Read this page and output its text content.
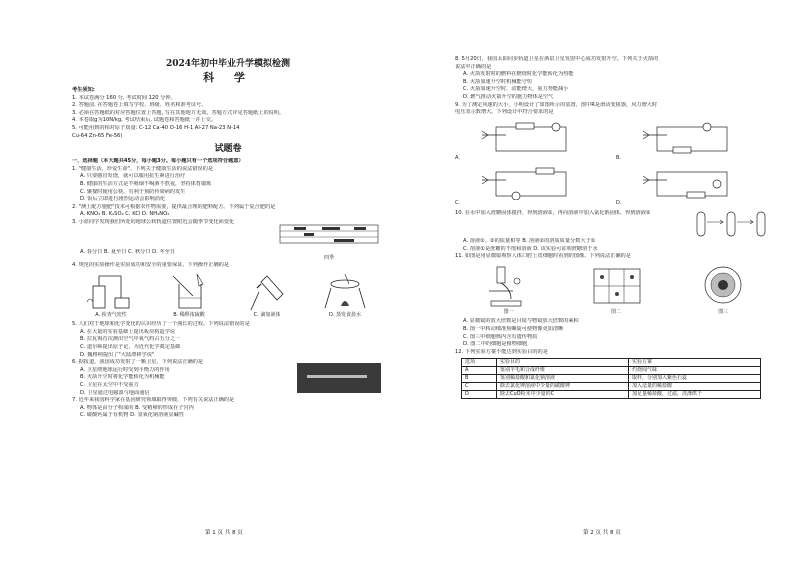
2024年初中毕业升学模拟检测
科 学
考生须知:
1. 本试卷满分 160 分, 考试时间 120 分钟。
2. 答题前, 在答题卷上填写学校、班级、姓名和准考证号。
3. 必须在答题纸的对应答题位置上答题, 写在其他地方无效。答题方式详见答题纸上的说明。
4. 本卷取g为10N/kg, 考试结束后, 试题卷和答题纸一并上交。
5. 可能用到的相对原子质量: C-12 Ca-40 O-16 H-1 Al-27 Na-23 N-14
Cu-64 Zn-65 Fe-56)
试题卷
一、选择题（本大题共45分，每小题3分。每小题只有一个选项符合题意）
1. "健康生活，珍爱生命"。下列关于健康生活的说法错误的是
A. 只要感冒发烧，就可以服用抗生素进行治疗
B. 健康的生活方式是不吸烟不喝酒不熬夜，坚持体育锻炼
C. 聚餐时使用公筷，有利于预防传染病的发生
D. 饭后立即进行剧烈运动会影响消化
2. "测土配方施肥"技术可根据农作物需要，提供最合理的肥料配方。下列属于复合肥的是
A. KNO₃ B. K₂SO₄ C. KCl D. NH₄NO₃
3. 小蓝同学发现我们所处的地球公转轨道位置附近会随季节变化而变化
A. 春分日 B. 夏至日 C. 秋分日 D. 冬至日
四季
4. 规范的实验操作是实验成功和安全的重要保证。下列操作正确的是
A. 检查气密性	B. 稀释浓硫酸	C. 滴加液体	D. 蒸发食盐水
5. 人们对于地球和化学变化的认识经历了一个漫长的过程。下列说法错误的是
A. 在大量的实验基础上提出板块构造学说
B. 拉瓦锡首次测出空气中氧气约占五分之一
C. 道尔顿提出原子论，为近代化学奠定基础
D. 魏格纳提出了"大陆漂移学说"
6. 据报道，我国成功发射了一颗卫星，下列说法正确的是
A. 卫星绕地球运行时受到平衡力的作用
B. 火箭升空时将化学能转化为机械能
C. 卫星在太空中不受重力
D. 卫星通过电磁波与地面通信
7. 近年来我国科学家在基因研究领域取得突破，下列有关说法正确的是
A. 物体是由分子构成的 B. 受精卵的形成在子宫内
C. 碳酸钙属于有机物 D. 氢氧化钠溶液显碱性
第 1 页 共 8 页
8. 5月20日，我国太阳同步轨道卫星在酒泉卫星发射中心成功发射升空。下列关于火箭的
说法中正确的是
A. 火箭发射时的燃料在燃烧时化学能转化为热能
B. 火箭加速升空时机械能守恒
C. 火箭加速升空时，动能增大，重力势能减小
D. 燃气推动火箭升空的施力物体是空气
9. 为了测定风速的大小，小明设计了如图所示的装置，图中R是滑动变阻器，风力增大时
电压表示数增大。下列设计中符合要求的是
A.	B.
C.	D.
10. 在水中加入蔗糖固体搅拌，得到溶液①，再向溶液中加入氯化钠固体，得到溶液②
A. 溶液①、②的质量相等 B. 溶液②的溶质质量分数大于①
C. 溶液①是蔗糖的不饱和溶液 D. 该实验可证明蔗糖溶于水
11. 如图是用显微镜观察人体口腔上皮细胞时看到的图像。下列说法正确的是
图一	图二	图三
A. 显微镜的放大倍数是目镜与物镜放大倍数的乘积
B. 图一中转动细准焦螺旋可使物像更加清晰
C. 图三中细胞核内含有遗传物质
D. 图二中的细胞是植物细胞
12. 下列实验方案不能达到实验目的的是
选项	实验目的	实验方案
A	鉴别羊毛和合成纤维	灼烧闻气味
B	鉴别稀盐酸和氯化钠溶液	取样，分别加入紫色石蕊
C	除去氯化钾溶液中少量的碳酸钾	加入适量的稀盐酸
D	除去CuO粉末中少量的C	加足量稀盐酸，过滤，洗涤烘干
第 2 页 共 8 页
